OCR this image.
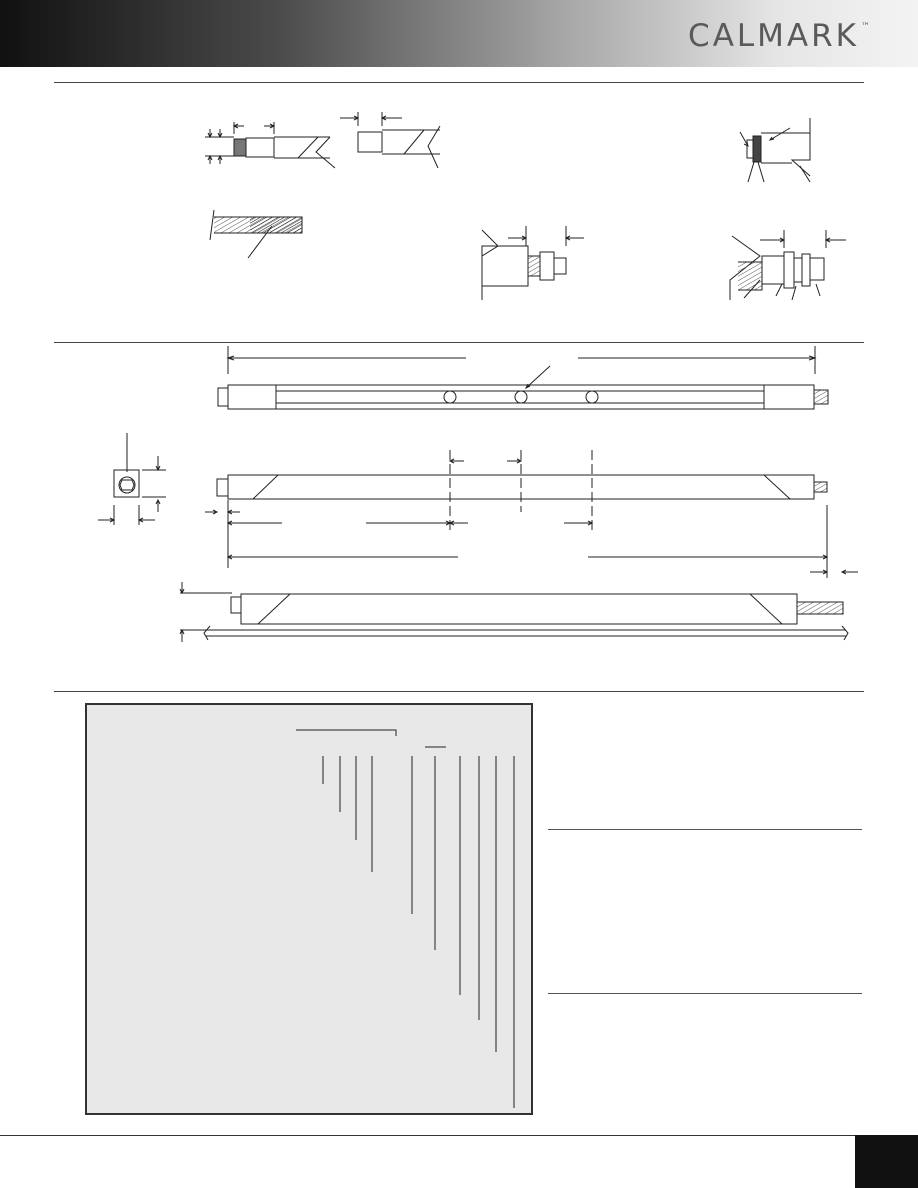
CALMARK ™
